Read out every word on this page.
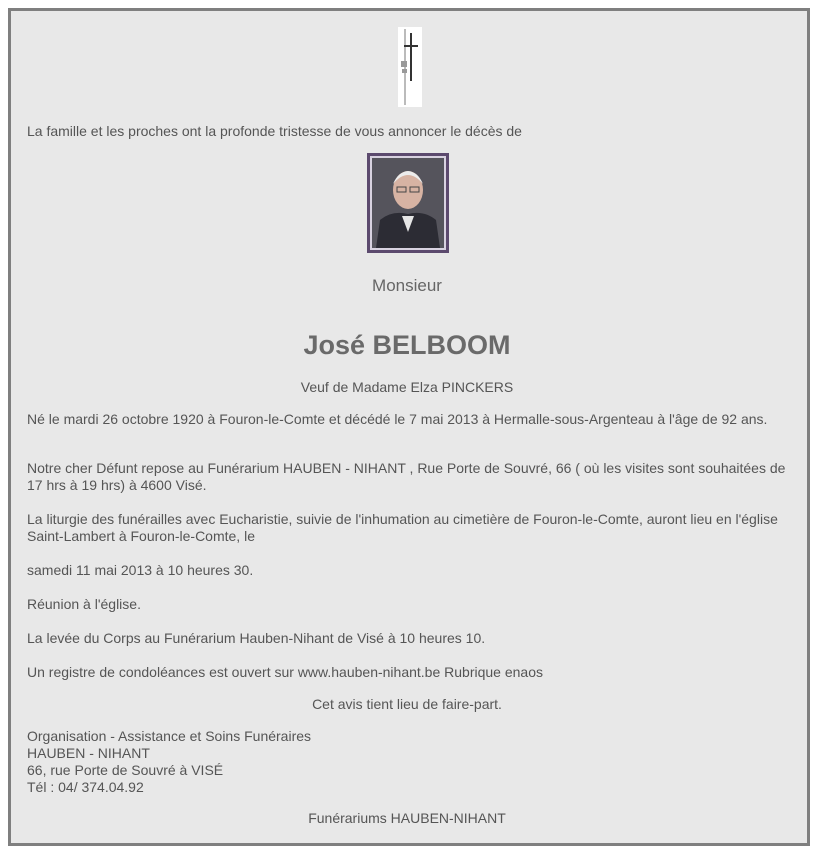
La famille et les proches ont la profonde tristesse de vous annoncer le décès de

Monsieur

José BELBOOM

Veuf de Madame Elza PINCKERS

Né le mardi 26 octobre 1920 à Fouron-le-Comte et décédé le 7 mai 2013 à Hermalle-sous-Argenteau à l'âge de 92 ans.

Notre cher Défunt repose au Funérarium HAUBEN - NIHANT , Rue Porte de Souvré, 66 ( où les visites sont souhaitées de 17 hrs à 19 hrs) à 4600 Visé.

La liturgie des funérailles avec Eucharistie, suivie de l'inhumation au cimetière de Fouron-le-Comte, auront lieu en l'église Saint-Lambert à Fouron-le-Comte, le

samedi 11 mai 2013 à 10 heures 30.

Réunion à l'église.

La levée du Corps au Funérarium Hauben-Nihant de Visé à 10 heures 10.

Un registre de condoléances est ouvert sur www.hauben-nihant.be Rubrique enaos

Cet avis tient lieu de faire-part.

Organisation - Assistance et Soins Funéraires
HAUBEN - NIHANT
66, rue Porte de Souvré à VISÉ
Tél : 04/ 374.04.92

Funérariums HAUBEN-NIHANT
